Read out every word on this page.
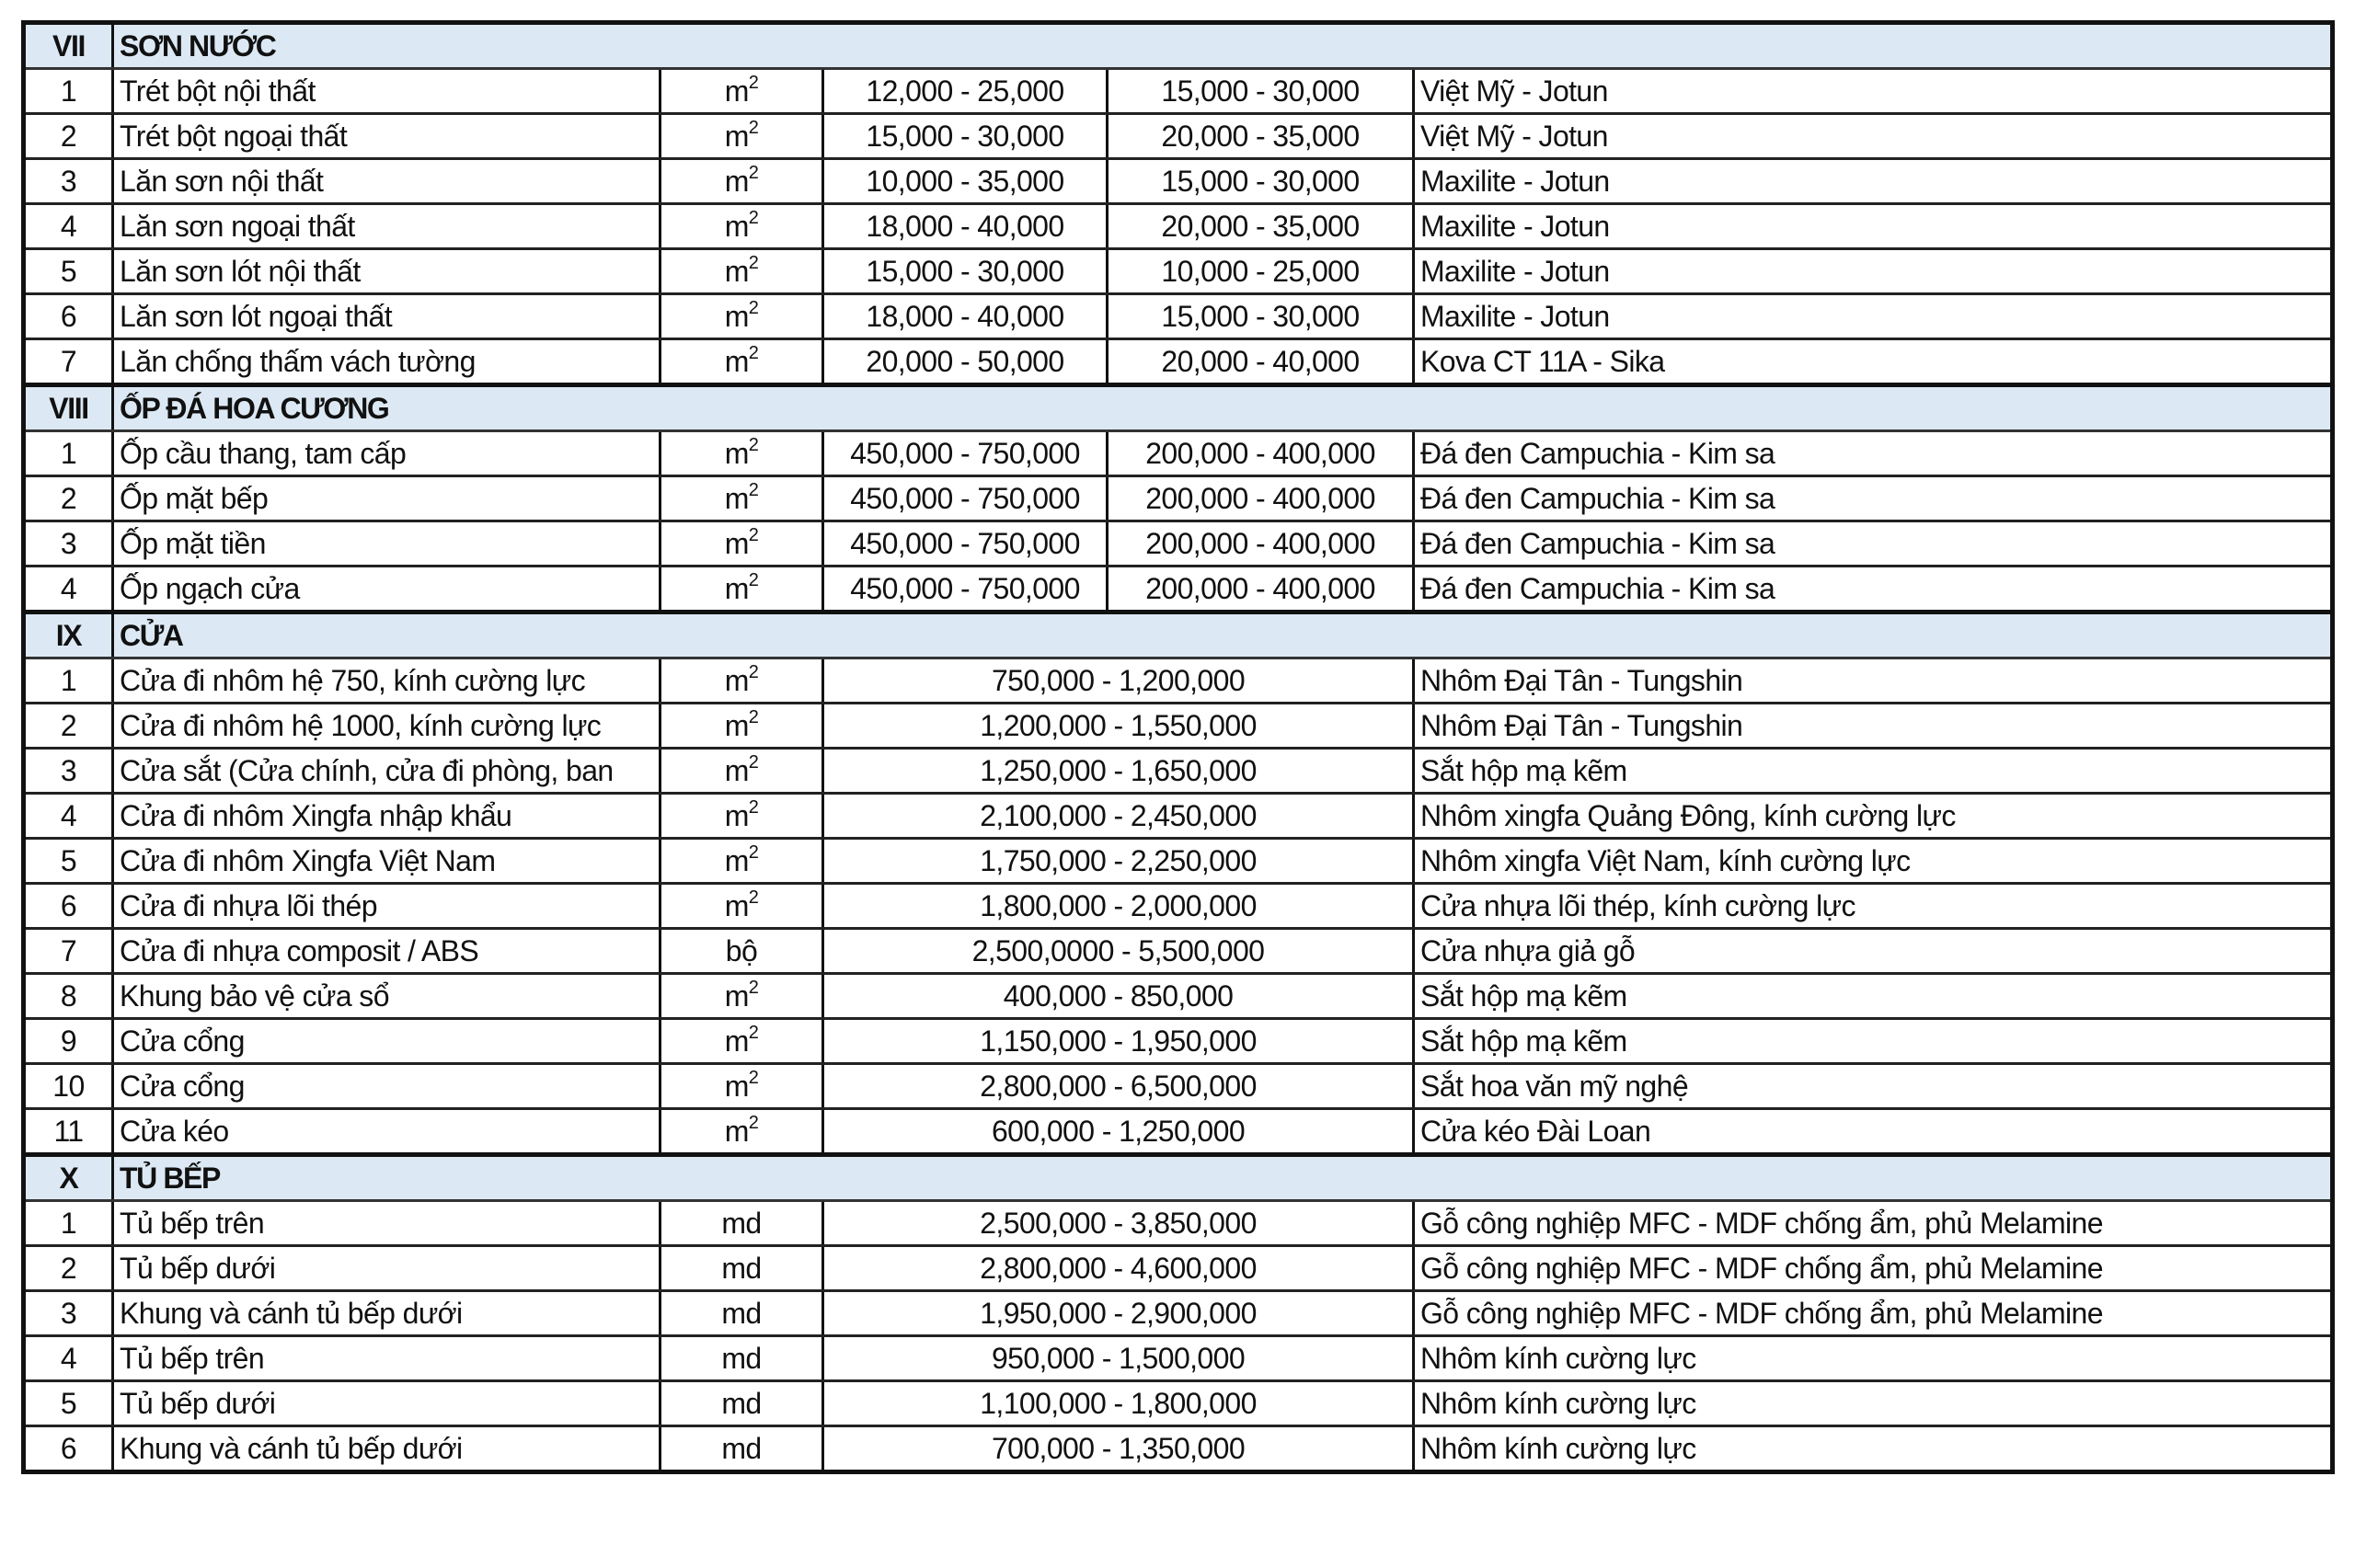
VII	SƠN NƯỚC				
1	Trét bột nội thất	$m^2$	12,000 - 25,000	15,000 - 30,000	Việt Mỹ - Jotun
2	Trét bột ngoại thất	$m^2$	15,000 - 30,000	20,000 - 35,000	Việt Mỹ - Jotun
3	Lăn sơn nội thất	$m^2$	10,000 - 35,000	15,000 - 30,000	Maxilite - Jotun
4	Lăn sơn ngoại thất	$m^2$	18,000 - 40,000	20,000 - 35,000	Maxilite - Jotun
5	Lăn sơn lót nội thất	$m^2$	15,000 - 30,000	10,000 - 25,000	Maxilite - Jotun
6	Lăn sơn lót ngoại thất	$m^2$	18,000 - 40,000	15,000 - 30,000	Maxilite - Jotun
7	Lăn chống thấm vách tường	$m^2$	20,000 - 50,000	20,000 - 40,000	Kova CT 11A - Sika
VIII	ỐP ĐÁ HOA CƯƠNG				
1	Ốp cầu thang, tam cấp	$m^2$	450,000 - 750,000	200,000 - 400,000	Đá đen Campuchia - Kim sa
2	Ốp mặt bếp	$m^2$	450,000 - 750,000	200,000 - 400,000	Đá đen Campuchia - Kim sa
3	Ốp mặt tiền	$m^2$	450,000 - 750,000	200,000 - 400,000	Đá đen Campuchia - Kim sa
4	Ốp ngạch cửa	$m^2$	450,000 - 750,000	200,000 - 400,000	Đá đen Campuchia - Kim sa
IX	CỬA				
1	Cửa đi nhôm hệ 750, kính cường lực	$m^2$	750,000 - 1,200,000		Nhôm Đại Tân - Tungshin
2	Cửa đi nhôm hệ 1000, kính cường lực	$m^2$	1,200,000 - 1,550,000		Nhôm Đại Tân - Tungshin
3	Cửa sắt (Cửa chính, cửa đi phòng, ban	$m^2$	1,250,000 - 1,650,000		Sắt hộp mạ kẽm
4	Cửa đi nhôm Xingfa nhập khẩu	$m^2$	2,100,000 - 2,450,000		Nhôm xingfa Quảng Đông, kính cường lực
5	Cửa đi nhôm Xingfa Việt Nam	$m^2$	1,750,000 - 2,250,000		Nhôm xingfa Việt Nam, kính cường lực
6	Cửa đi nhựa lõi thép	$m^2$	1,800,000 - 2,000,000		Cửa nhựa lõi thép, kính cường lực
7	Cửa đi nhựa composit / ABS	bộ	2,500,0000 - 5,500,000		Cửa nhựa giả gỗ
8	Khung bảo vệ cửa sổ	$m^2$	400,000 - 850,000		Sắt hộp mạ kẽm
9	Cửa cổng	$m^2$	1,150,000 - 1,950,000		Sắt hộp mạ kẽm
10	Cửa cổng	$m^2$	2,800,000 - 6,500,000		Sắt hoa văn mỹ nghệ
11	Cửa kéo	$m^2$	600,000 - 1,250,000		Cửa kéo Đài Loan
X	TỦ BẾP				
1	Tủ bếp trên	md	2,500,000 - 3,850,000		Gỗ công nghiệp MFC - MDF chống ẩm, phủ Melamine
2	Tủ bếp dưới	md	2,800,000 - 4,600,000		Gỗ công nghiệp MFC - MDF chống ẩm, phủ Melamine
3	Khung và cánh tủ bếp dưới	md	1,950,000 - 2,900,000		Gỗ công nghiệp MFC - MDF chống ẩm, phủ Melamine
4	Tủ bếp trên	md	950,000 - 1,500,000		Nhôm kính cường lực
5	Tủ bếp dưới	md	1,100,000 - 1,800,000		Nhôm kính cường lực
6	Khung và cánh tủ bếp dưới	md	700,000 - 1,350,000		Nhôm kính cường lực
